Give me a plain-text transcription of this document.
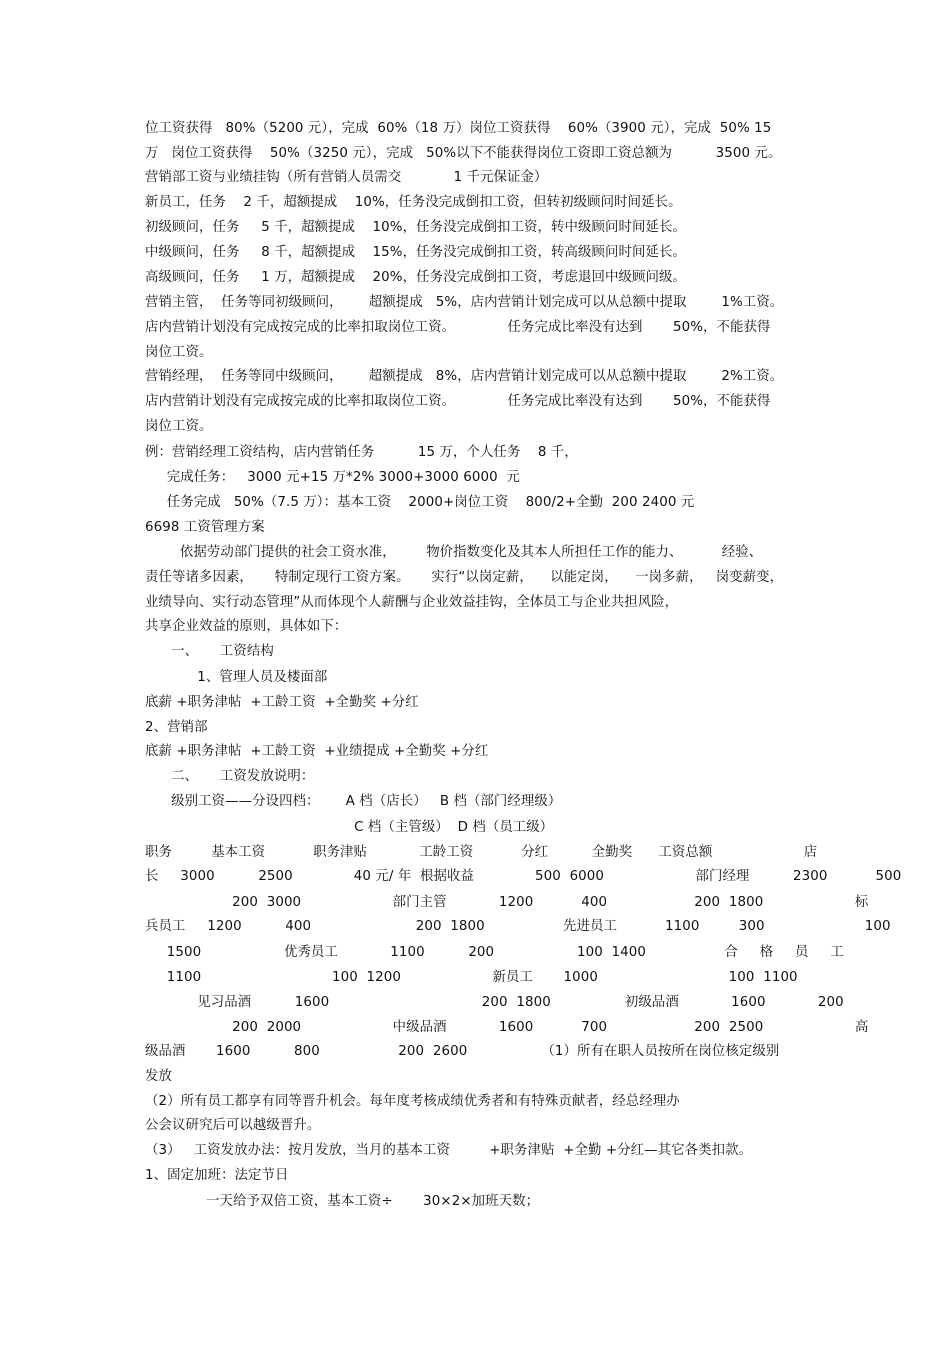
位工资获得   80%（5200 元），完成  60%（18 万）岗位工资获得    60%（3900 元），完成  50% 15
万   岗位工资获得    50%（3250 元），完成   50%以下不能获得岗位工资即工资总额为          3500 元。
营销部工资与业绩挂钩（所有营销人员需交            1 千元保证金）
新员工，任务    2 千，超额提成    10%，任务没完成倒扣工资，但转初级顾问时间延长。
初级顾问，任务     5 千，超额提成    10%，任务没完成倒扣工资，转中级顾问时间延长。
中级顾问，任务     8 千，超额提成    15%，任务没完成倒扣工资，转高级顾问时间延长。
高级顾问，任务     1 万，超额提成    20%，任务没完成倒扣工资，考虑退回中级顾问级。
营销主管，  任务等同初级顾问，      超额提成   5%，店内营销计划完成可以从总额中提取        1%工资。
店内营销计划没有完成按完成的比率扣取岗位工资。            任务完成比率没有达到       50%，不能获得
岗位工资。
营销经理，  任务等同中级顾问，      超额提成   8%，店内营销计划完成可以从总额中提取        2%工资。
店内营销计划没有完成按完成的比率扣取岗位工资。            任务完成比率没有达到       50%，不能获得
岗位工资。
例：营销经理工资结构，店内营销任务          15 万，个人任务    8 千，
完成任务：   3000 元+15 万*2% 3000+3000 6000  元
任务完成   50%（7.5 万）：基本工资    2000+岗位工资    800/2+全勤  200 2400 元
6698 工资管理方案
依据劳动部门提供的社会工资水准，       物价指数变化及其本人所担任工作的能力、         经验、
责任等诸多因素，     特制定现行工资方案。     实行“以岗定薪，    以能定岗，    一岗多薪，   岗变薪变，
业绩导向、实行动态管理”从而体现个人薪酬与企业效益挂钩，全体员工与企业共担风险，
共享企业效益的原则，具体如下：
一、     工资结构
1、管理人员及楼面部
底薪 +职务津帖  +工龄工资  +全勤奖 +分红
2、营销部
底薪 +职务津帖  +工龄工资  +业绩提成 +全勤奖 +分红
二、     工资发放说明：
级别工资——分设四档：      A 档（店长）   B 档（部门经理级）
C 档（主管级）  D 档（员工级）
职务         基本工资           职务津贴            工龄工资           分红          全勤奖      工资总额                     店
长     3000          2500              40 元/ 年  根据收益              500  6000                     部门经理          2300           500
200  3000                     部门主管            1200           400                    200  1800                     标
兵员工     1200          400                        200  1800                  先进员工           1100         300                       100
1500                   优秀员工            1100          200                   100  1400                  合     格     员     工
1100                              100  1200                     新员工       1000                              100  1100
见习品酒          1600                                   200  1800                 初级品酒            1600            200
200  2000                     中级品酒            1600           700                    200  2500                     高
级品酒       1600          800                  200  2600                 （1）所有在职人员按所在岗位核定级别
发放
（2）所有员工都享有同等晋升机会。每年度考核成绩优秀者和有特殊贡献者，经总经理办
公会议研究后可以越级晋升。
（3）   工资发放办法：按月发放，当月的基本工资         +职务津贴  +全勤 +分红—其它各类扣款。
1、固定加班：法定节日
一天给予双倍工资，基本工资÷       30×2×加班天数；
